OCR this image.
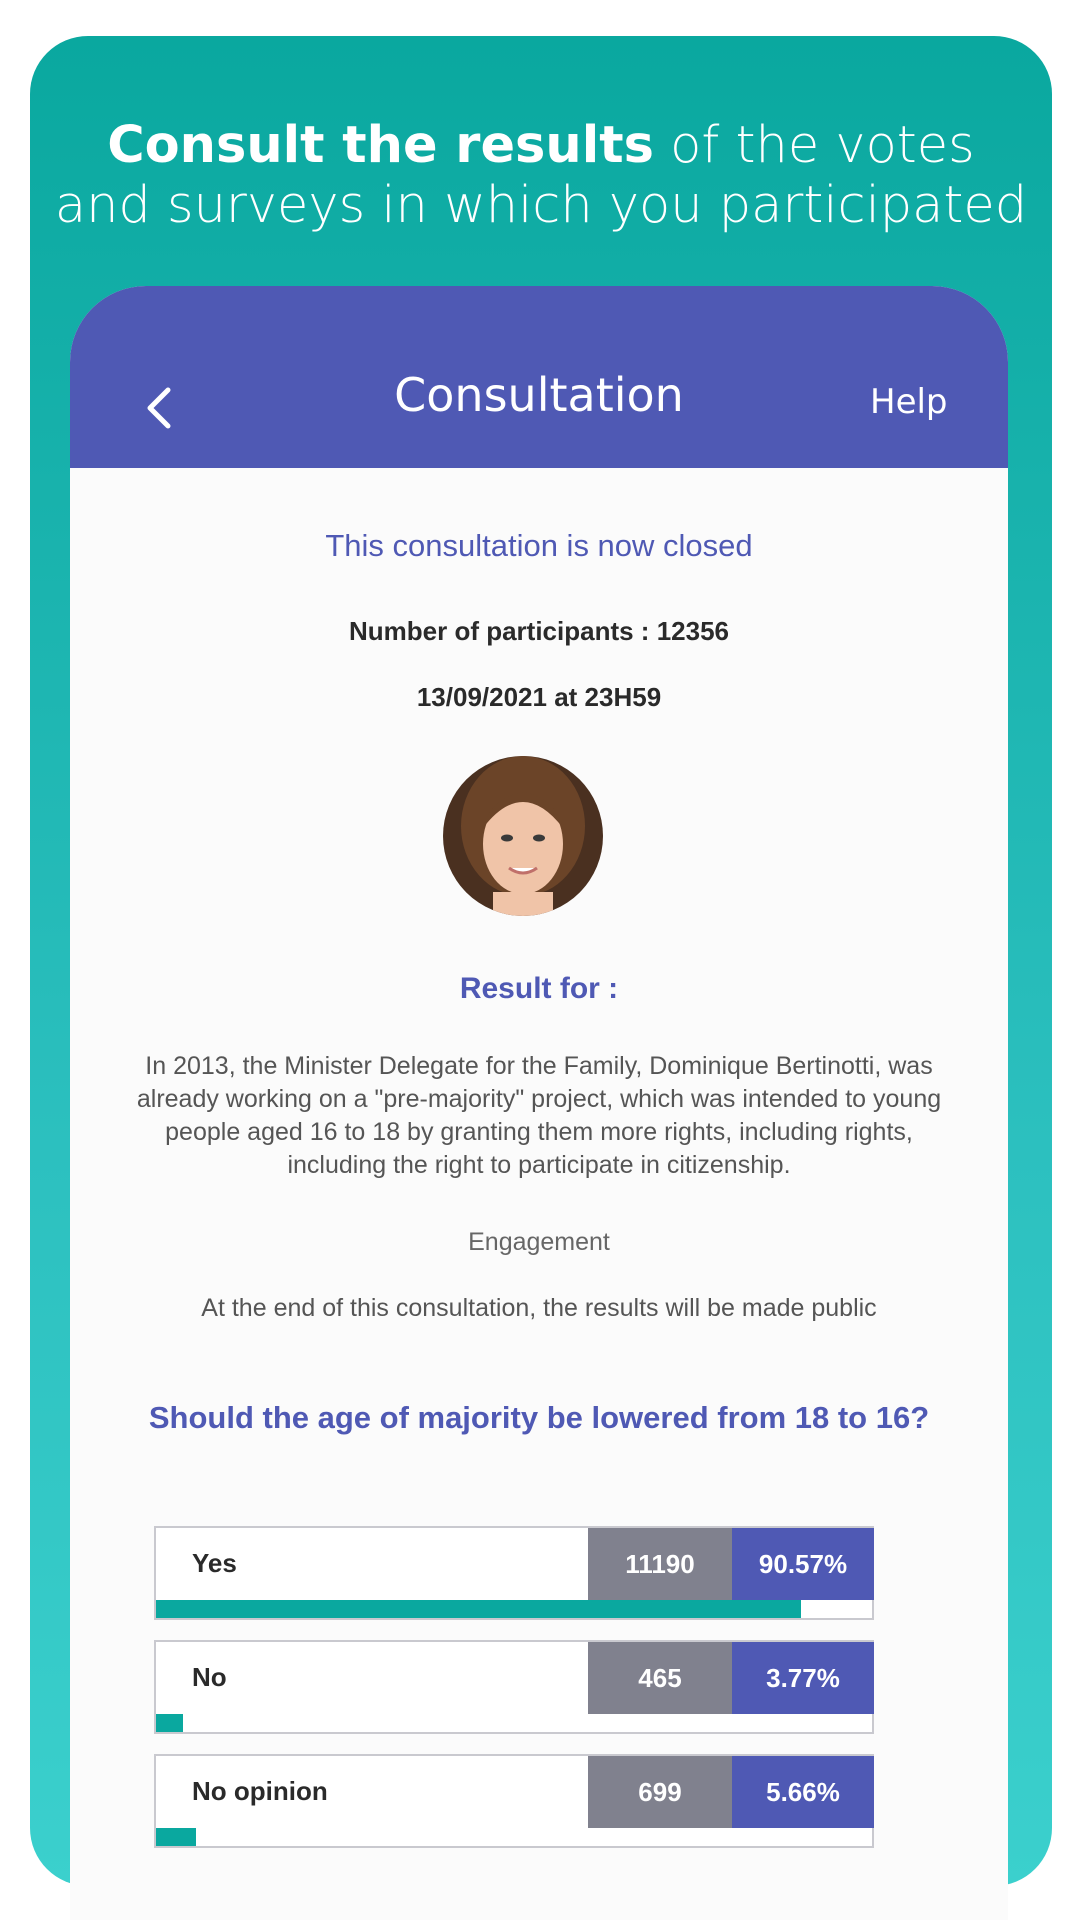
Consult the results of the votes
and surveys in which you participated
Consultation	Help
This consultation is now closed
Number of participants : 12356
13/09/2021 at 23H59
Result for :
In 2013, the Minister Delegate for the Family, Dominique Bertinotti, was already working on a "pre-majority" project, which was intended to young people aged 16 to 18 by granting them more rights, including rights, including the right to participate in citizenship.
Engagement
At the end of this consultation, the results will be made public
Should the age of majority be lowered from 18 to 16?
Yes	11190	90.57%
No	465	3.77%
No opinion	699	5.66%
